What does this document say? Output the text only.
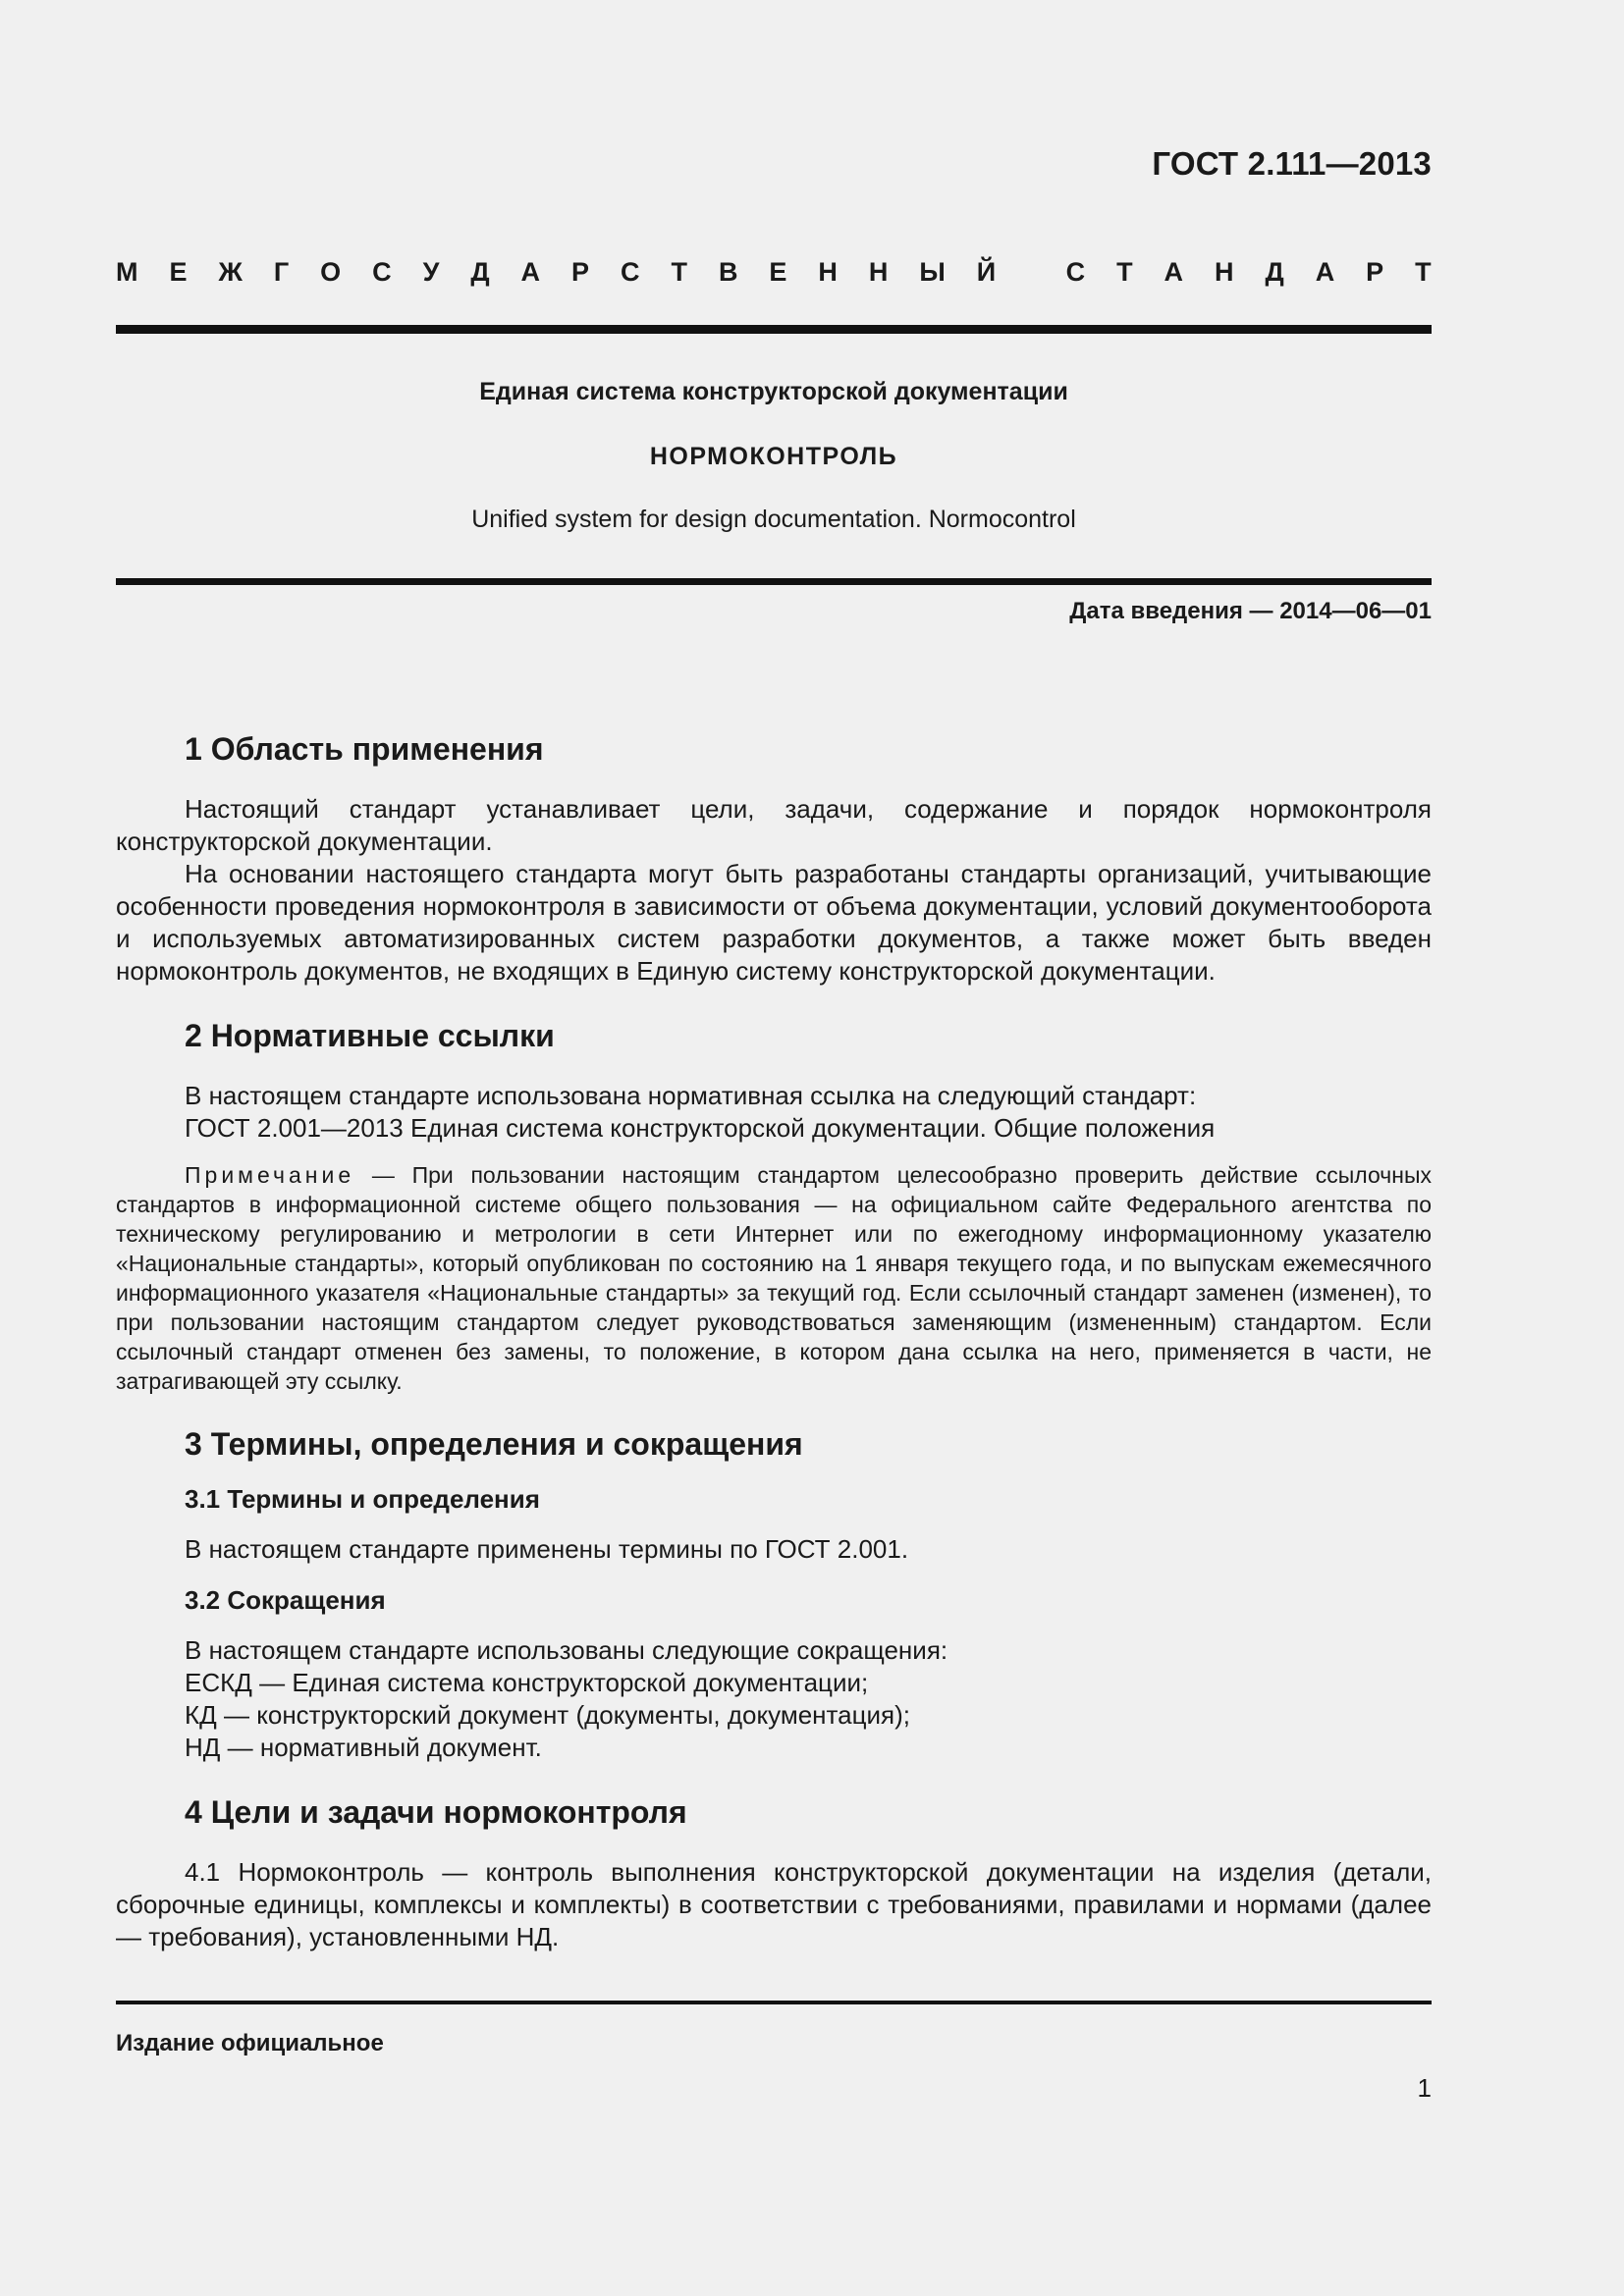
ГОСТ 2.111—2013
М Е Ж Г О С У Д А Р С Т В Е Н Н Ы Й
	С Т А Н Д А Р Т
Единая система конструкторской документации
НОРМОКОНТРОЛЬ
Unified system for design documentation. Normocontrol
Дата введения — 2014—06—01
1 Область применения

Настоящий стандарт устанавливает цели, задачи, содержание и порядок нормоконтроля конструкторской документации.

На основании настоящего стандарта могут быть разработаны стандарты организаций, учитывающие особенности проведения нормоконтроля в зависимости от объема документации, условий документооборота и используемых автоматизированных систем разработки документов, а также может быть введен нормоконтроль документов, не входящих в Единую систему конструкторской документации.

2 Нормативные ссылки

В настоящем стандарте использована нормативная ссылка на следующий стандарт:

ГОСТ 2.001—2013 Единая система конструкторской документации. Общие положения

Примечание — При пользовании настоящим стандартом целесообразно проверить действие ссылочных стандартов в информационной системе общего пользования — на официальном сайте Федерального агентства по техническому регулированию и метрологии в сети Интернет или по ежегодному информационному указателю «Национальные стандарты», который опубликован по состоянию на 1 января текущего года, и по выпускам ежемесячного информационного указателя «Национальные стандарты» за текущий год. Если ссылочный стандарт заменен (изменен), то при пользовании настоящим стандартом следует руководствоваться заменяющим (измененным) стандартом. Если ссылочный стандарт отменен без замены, то положение, в котором дана ссылка на него, применяется в части, не затрагивающей эту ссылку.

3 Термины, определения и сокращения
3.1 Термины и определения

В настоящем стандарте применены термины по ГОСТ 2.001.

3.2 Сокращения

В настоящем стандарте использованы следующие сокращения:

ЕСКД — Единая система конструкторской документации;

КД — конструкторский документ (документы, документация);

НД — нормативный документ.

4 Цели и задачи нормоконтроля

4.1 Нормоконтроль — контроль выполнения конструкторской документации на изделия (детали, сборочные единицы, комплексы и комплекты) в соответствии с требованиями, правилами и нормами (далее — требования), установленными НД.

Издание официальное
1
